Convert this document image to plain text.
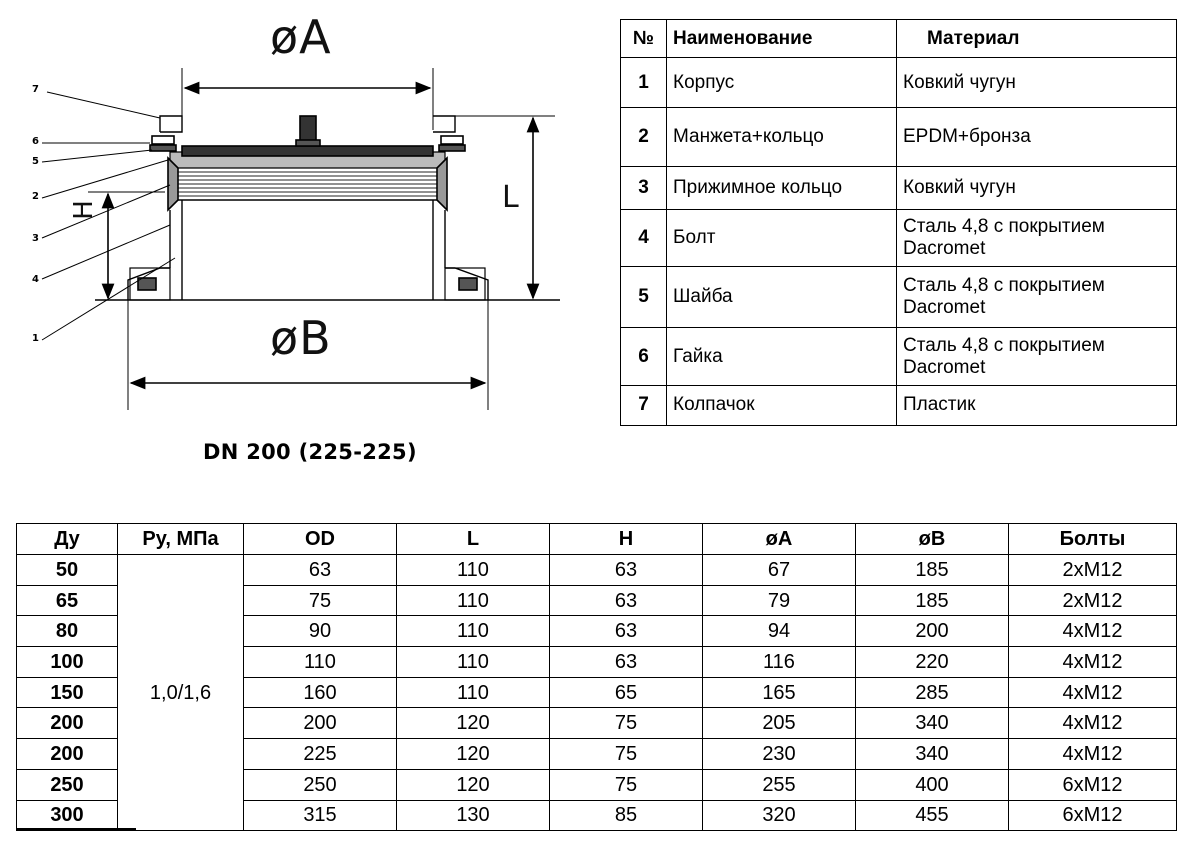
øA
øB
L
H
7
6
5
2
3
4
1
DN 200 (225-225)
№	Наименование	Материал
1	Корпус	Ковкий чугун
2	Манжета+кольцо	EPDM+бронза
3	Прижимное кольцо	Ковкий чугун
4	Болт	Сталь 4,8 с покрытием Dacromet
5	Шайба	Сталь 4,8 с покрытием Dacromet
6	Гайка	Сталь 4,8 с покрытием Dacromet
7	Колпачок	Пластик
Ду	Ру, МПа	OD	L	H	øA	øB	Болты
50	1,0/1,6	63	110	63	67	185	2xM12
65		75	110	63	79	185	2xM12
80		90	110	63	94	200	4xM12
100		110	110	63	116	220	4xM12
150		160	110	65	165	285	4xM12
200		200	120	75	205	340	4xM12
200		225	120	75	230	340	4xM12
250		250	120	75	255	400	6xM12
300		315	130	85	320	455	6xM12
